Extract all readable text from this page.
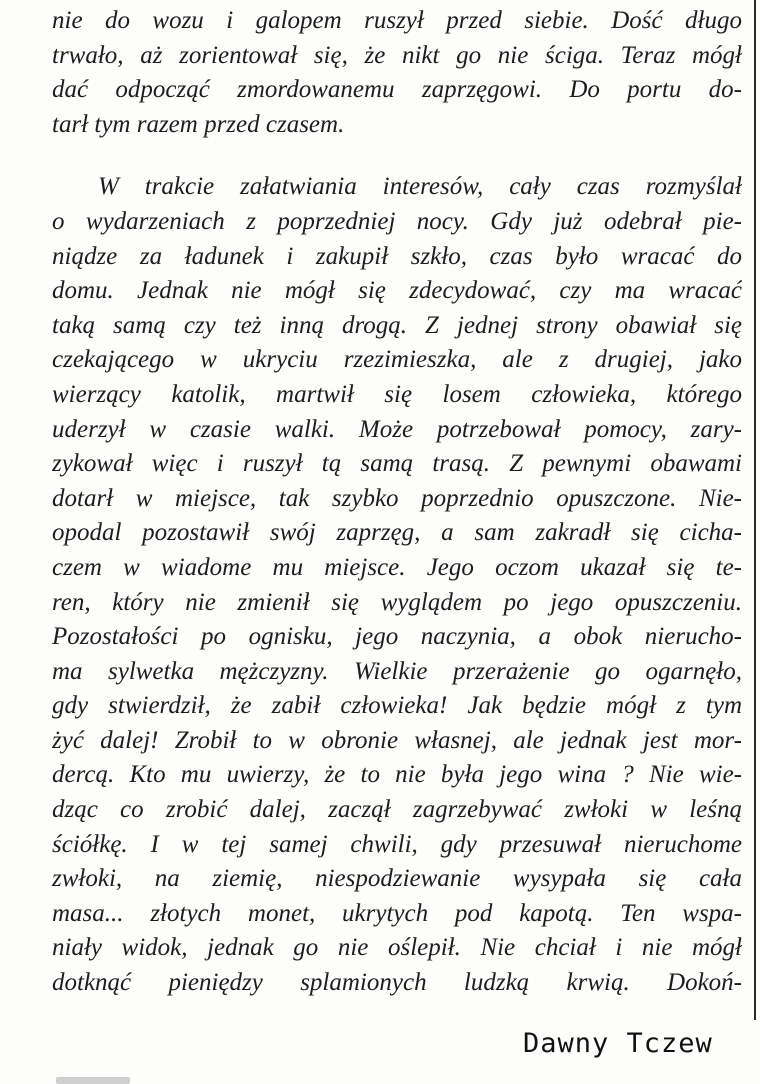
nie do wozu i galopem ruszył przed siebie. Dość długo
trwało, aż zorientował się, że nikt go nie ściga. Teraz mógł
dać odpocząć zmordowanemu zaprzęgowi. Do portu do-
tarł tym razem przed czasem.
W trakcie załatwiania interesów, cały czas rozmyślał
o wydarzeniach z poprzedniej nocy. Gdy już odebrał pie-
niądze za ładunek i zakupił szkło, czas było wracać do
domu. Jednak nie mógł się zdecydować, czy ma wracać
taką samą czy też inną drogą. Z jednej strony obawiał się
czekającego w ukryciu rzezimieszka, ale z drugiej, jako
wierzący katolik, martwił się losem człowieka, którego
uderzył w czasie walki. Może potrzebował pomocy, zary-
zykował więc i ruszył tą samą trasą. Z pewnymi obawami
dotarł w miejsce, tak szybko poprzednio opuszczone. Nie-
opodal pozostawił swój zaprzęg, a sam zakradł się cicha-
czem w wiadome mu miejsce. Jego oczom ukazał się te-
ren, który nie zmienił się wyglądem po jego opuszczeniu.
Pozostałości po ognisku, jego naczynia, a obok nierucho-
ma sylwetka mężczyzny. Wielkie przerażenie go ogarnęło,
gdy stwierdził, że zabił człowieka! Jak będzie mógł z tym
żyć dalej! Zrobił to w obronie własnej, ale jednak jest mor-
dercą. Kto mu uwierzy, że to nie była jego wina ? Nie wie-
dząc co zrobić dalej, zaczął zagrzebywać zwłoki w leśną
ściółkę. I w tej samej chwili, gdy przesuwał nieruchome
zwłoki, na ziemię, niespodziewanie wysypała się cała
masa... złotych monet, ukrytych pod kapotą. Ten wspa-
niały widok, jednak go nie oślepił. Nie chciał i nie mógł
dotknąć pieniędzy splamionych ludzką krwią. Dokoń-
Dawny Tczew
